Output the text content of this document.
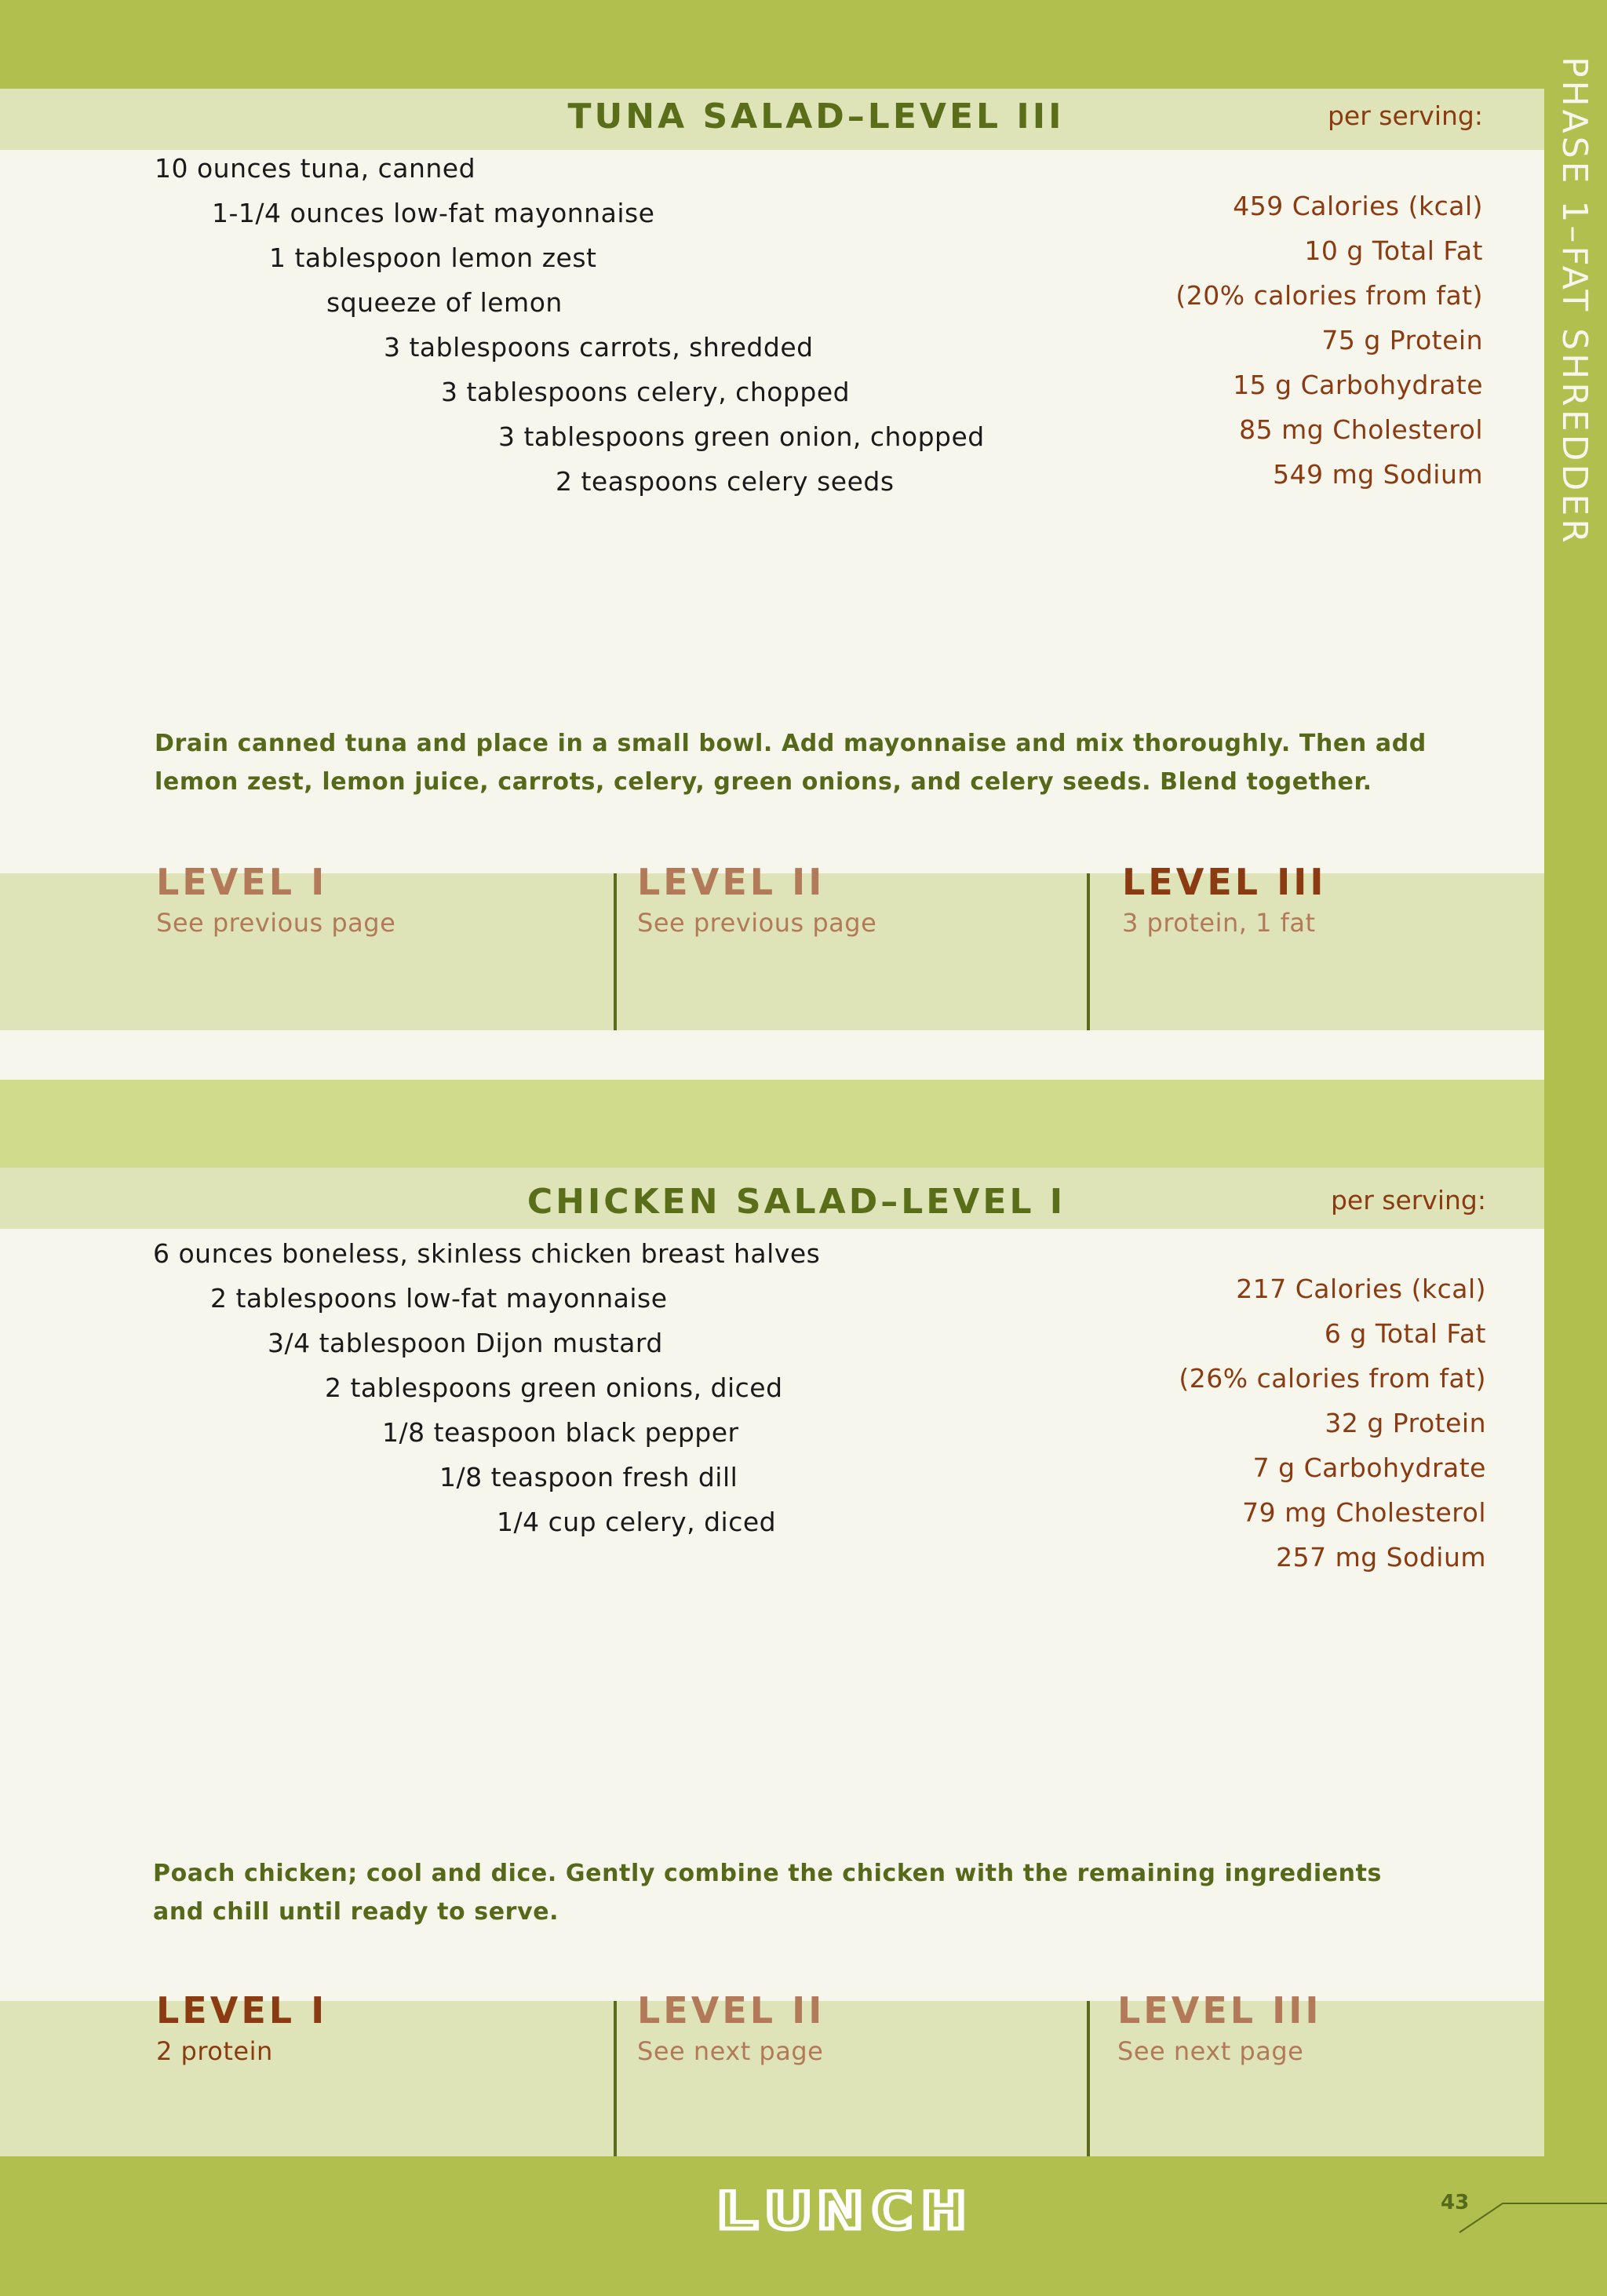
TUNA SALAD–LEVEL III	per serving:
10 ounces tuna, canned
1-1/4 ounces low-fat mayonnaise
1 tablespoon lemon zest
squeeze of lemon
3 tablespoons carrots, shredded
3 tablespoons celery, chopped
3 tablespoons green onion, chopped
2 teaspoons celery seeds
459 Calories (kcal)
10 g Total Fat
(20% calories from fat)
75 g Protein
15 g Carbohydrate
85 mg Cholesterol
549 mg Sodium
Drain canned tuna and place in a small bowl. Add mayonnaise and mix thoroughly. Then add lemon zest, lemon juice, carrots, celery, green onions, and celery seeds. Blend together.
LEVEL I
See previous page
LEVEL II
See previous page
LEVEL III
3 protein, 1 fat
CHICKEN SALAD–LEVEL I	per serving:
6 ounces boneless, skinless chicken breast halves
2 tablespoons low-fat mayonnaise
3/4 tablespoon Dijon mustard
2 tablespoons green onions, diced
1/8 teaspoon black pepper
1/8 teaspoon fresh dill
1/4 cup celery, diced
217 Calories (kcal)
6 g Total Fat
(26% calories from fat)
32 g Protein
7 g Carbohydrate
79 mg Cholesterol
257 mg Sodium
Poach chicken; cool and dice. Gently combine the chicken with the remaining ingredients and chill until ready to serve.
LEVEL I
2 protein
LEVEL II
See next page
LEVEL III
See next page
PHASE 1–FAT SHREDDER
LUNCH	43
